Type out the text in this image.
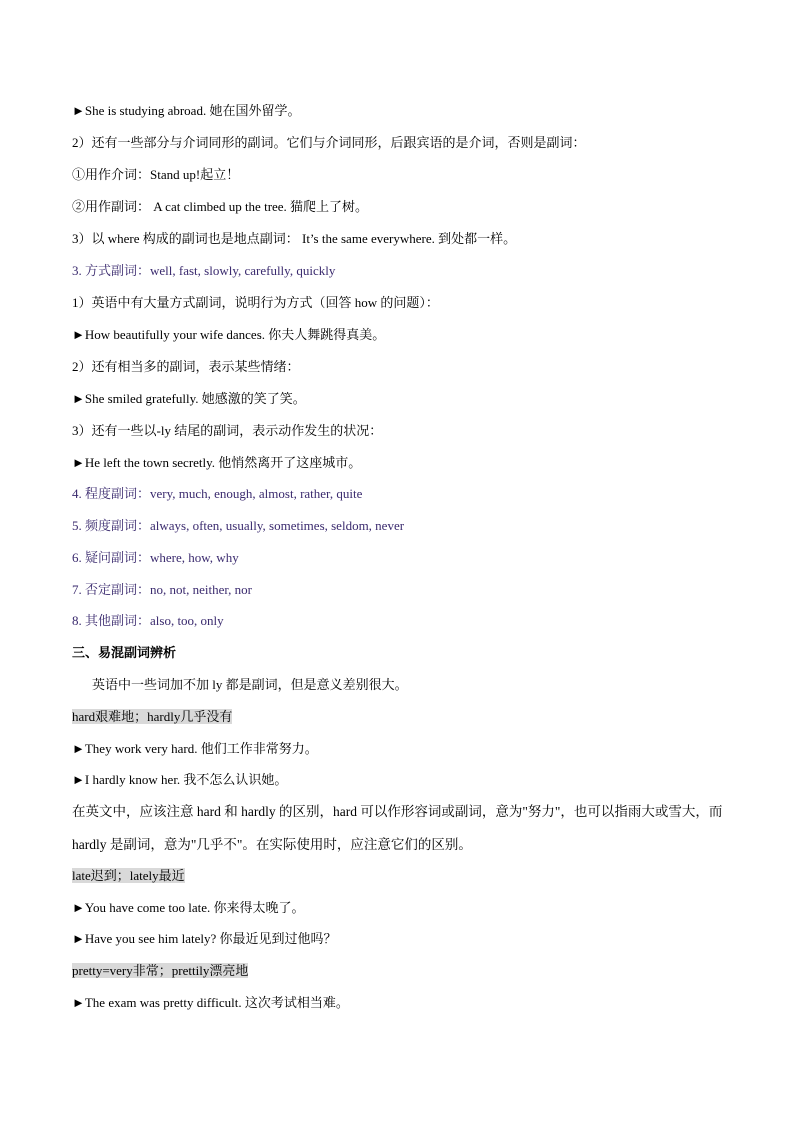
►She is studying abroad. 她在国外留学。
2）还有一些部分与介词同形的副词。它们与介词同形，后跟宾语的是介词，否则是副词：
①用作介词：Stand up!起立！
②用作副词： A cat climbed up the tree. 猫爬上了树。
3）以 where 构成的副词也是地点副词： It’s the same everywhere. 到处都一样。
3. 方式副词：well, fast, slowly, carefully, quickly
1）英语中有大量方式副词，说明行为方式（回答 how 的问题）：
►How beautifully your wife dances. 你夫人舞跳得真美。
2）还有相当多的副词，表示某些情绪：
►She smiled gratefully. 她感激的笑了笑。
3）还有一些以-ly 结尾的副词，表示动作发生的状况：
►He left the town secretly. 他悄然离开了这座城市。
4. 程度副词：very, much, enough, almost, rather, quite
5. 频度副词：always, often, usually, sometimes, seldom, never
6. 疑问副词：where, how, why
7. 否定副词：no, not, neither, nor
8. 其他副词：also, too, only
三、易混副词辨析
英语中一些词加不加 ly 都是副词，但是意义差别很大。
hard艰难地；hardly几乎没有
►They work very hard. 他们工作非常努力。
►I hardly know her. 我不怎么认识她。
在英文中，应该注意 hard 和 hardly 的区别，hard 可以作形容词或副词，意为"努力"，也可以指雨大或雪大，而 hardly 是副词，意为"几乎不"。在实际使用时，应注意它们的区别。
late迟到；lately最近
►You have come too late. 你来得太晚了。
►Have you see him lately? 你最近见到过他吗？
pretty=very非常；prettily漂亮地
►The exam was pretty difficult. 这次考试相当难。
